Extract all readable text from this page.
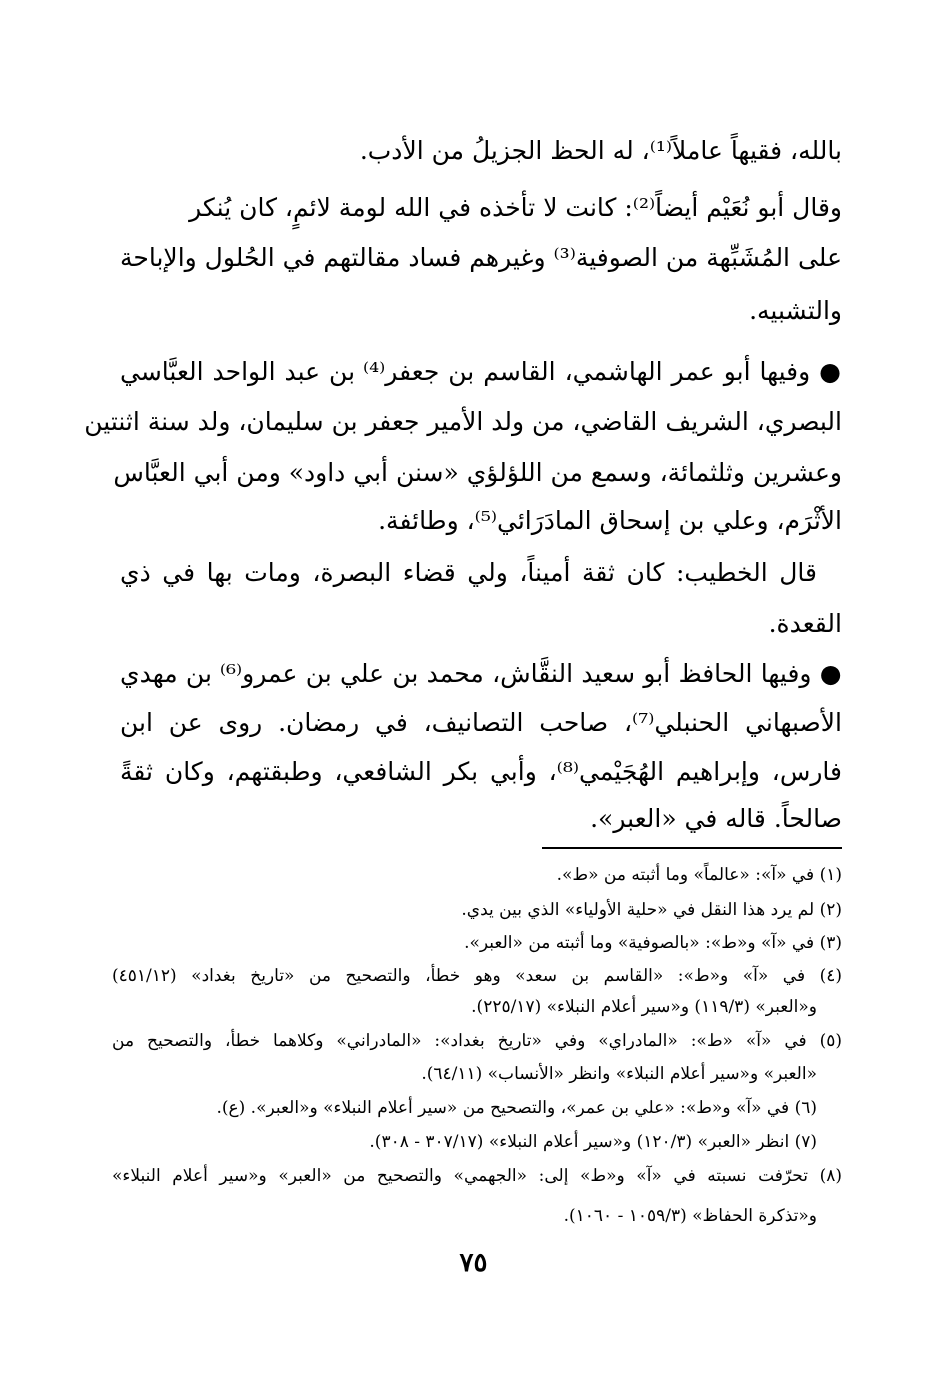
بالله، فقيهاً عاملاً⁽¹⁾، له الحظ الجزيلُ من الأدب.
وقال أبو نُعَيْم أيضاً⁽²⁾: كانت لا تأخذه في الله لومة لائمٍ، كان يُنكر
على المُشَبِّهة من الصوفية⁽³⁾ وغيرهم فساد مقالتهم في الحُلول والإباحة
والتشبيه.
● وفيها أبو عمر الهاشمي، القاسم بن جعفر⁽⁴⁾ بن عبد الواحد العبَّاسي
البصري، الشريف القاضي، من ولد الأمير جعفر بن سليمان، ولد سنة اثنتين
وعشرين وثلثمائة، وسمع من اللؤلؤي «سنن أبي داود» ومن أبي العبَّاس
الأثْرَم، وعلي بن إسحاق المادَرَائي⁽⁵⁾، وطائفة.
قال الخطيب: كان ثقة أميناً، ولي قضاء البصرة، ومات بها في ذي
القعدة.
● وفيها الحافظ أبو سعيد النقَّاش، محمد بن علي بن عمرو⁽⁶⁾ بن مهدي
الأصبهاني الحنبلي⁽⁷⁾، صاحب التصانيف، في رمضان. روى عن ابن
فارس، وإبراهيم الهُجَيْمي⁽⁸⁾، وأبي بكر الشافعي، وطبقتهم، وكان ثقةً
صالحاً. قاله في «العبر».
(١) في «آ»: «عالماً» وما أثبته من «ط».
(٢) لم يرد هذا النقل في «حلية الأولياء» الذي بين يدي.
(٣) في «آ» و«ط»: «بالصوفية» وما أثبته من «العبر».
(٤) في «آ» و«ط»: «القاسم بن سعد» وهو خطأ، والتصحيح من «تاريخ بغداد» (٤٥١/١٢)
و«العبر» (١١٩/٣) و«سير أعلام النبلاء» (٢٢٥/١٧).
(٥) في «آ» «ط»: «المادراي» وفي «تاريخ بغداد»: «المادراني» وكلاهما خطأ، والتصحيح من
«العبر» و«سير أعلام النبلاء» وانظر «الأنساب» (٦٤/١١).
(٦) في «آ» و«ط»: «علي بن عمر»، والتصحيح من «سير أعلام النبلاء» و«العبر». (ع).
(٧) انظر «العبر» (١٢٠/٣) و«سير أعلام النبلاء» (٣٠٧/١٧ - ٣٠٨).
(٨) تحرّفت نسبته في «آ» و«ط» إلى: «الجهمي» والتصحيح من «العبر» و«سير أعلام النبلاء»
و«تذكرة الحفاظ» (١٠٥٩/٣ - ١٠٦٠).
٧٥
